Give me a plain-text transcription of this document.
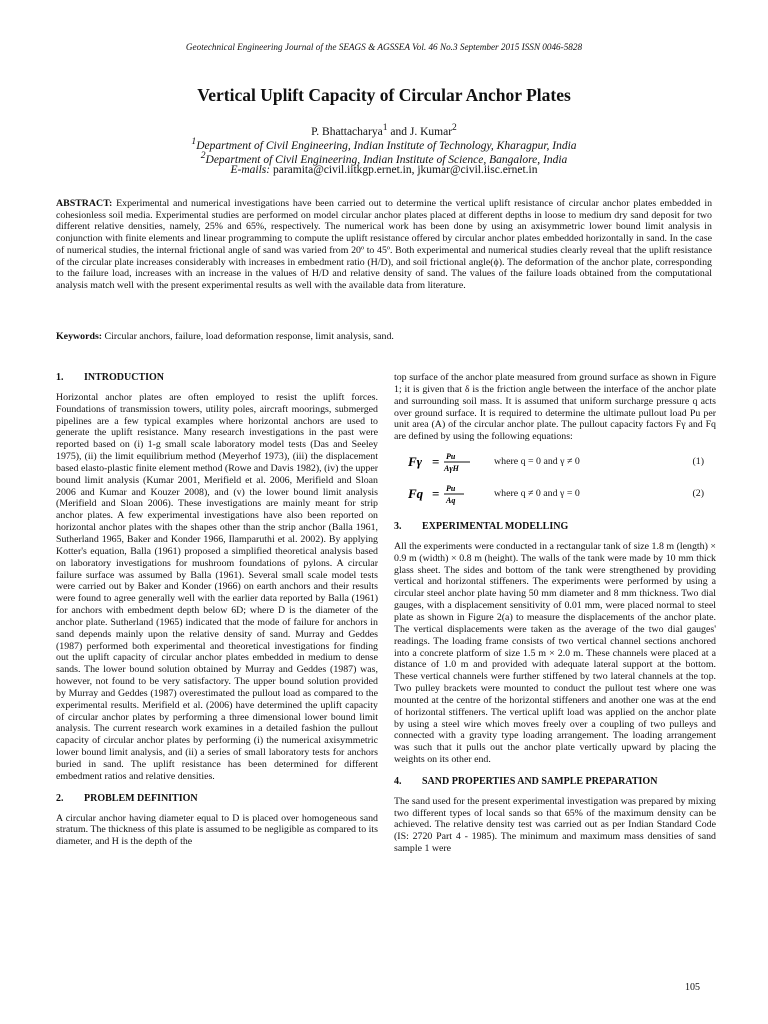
Geotechnical Engineering Journal of the SEAGS & AGSSEA Vol. 46 No.3 September 2015 ISSN 0046-5828
Vertical Uplift Capacity of Circular Anchor Plates
P. Bhattacharya$^1$ and J. Kumar$^2$
$^1$Department of Civil Engineering, Indian Institute of Technology, Kharagpur, India
$^2$Department of Civil Engineering, Indian Institute of Science, Bangalore, India
E-mails: paramita@civil.iitkgp.ernet.in, jkumar@civil.iisc.ernet.in
ABSTRACT: Experimental and numerical investigations have been carried out to determine the vertical uplift resistance of circular anchor plates embedded in cohesionless soil media. Experimental studies are performed on model circular anchor plates placed at different depths in loose to medium dry sand deposit for two different relative densities, namely, 25% and 65%, respectively. The numerical work has been done by using an axisymmetric lower bound limit analysis in conjunction with finite elements and linear programming to compute the uplift resistance offered by circular anchor plates embedded horizontally in sand. In the case of numerical studies, the internal frictional angle of sand was varied from 20º to 45º. Both experimental and numerical studies clearly reveal that the uplift resistance of the circular plate increases considerably with increases in embedment ratio (H/D), and soil frictional angle(ϕ). The deformation of the anchor plate, corresponding to the failure load, increases with an increase in the values of H/D and relative density of sand. The values of the failure loads obtained from the computational analysis match well with the present experimental results as well with the available data from literature.
Keywords: Circular anchors, failure, load deformation response, limit analysis, sand.
1. INTRODUCTION

Horizontal anchor plates are often employed to resist the uplift forces. Foundations of transmission towers, utility poles, aircraft moorings, submerged pipelines are a few typical examples where horizontal anchors are used to generate the uplift resistance. Many research investigations in the past were reported based on (i) 1-g small scale laboratory model tests (Das and Seeley 1975), (ii) the limit equilibrium method (Meyerhof 1973), (iii) the displacement based elasto-plastic finite element method (Rowe and Davis 1982), (iv) the upper bound limit analysis (Kumar 2001, Merifield et al. 2006, Merifield and Sloan 2006 and Kumar and Kouzer 2008), and (v) the lower bound limit analysis (Merifield and Sloan 2006). These investigations are mainly meant for strip anchor plates. A few experimental investigations have also been reported on horizontal anchor plates with the shapes other than the strip anchor (Balla 1961, Sutherland 1965, Baker and Konder 1966, Ilamparuthi et al. 2002). By applying Kotter's equation, Balla (1961) proposed a simplified theoretical analysis based on laboratory investigations for mushroom foundations of pylons. A circular failure surface was assumed by Balla (1961). Several small scale model tests were carried out by Baker and Konder (1966) on earth anchors and their results were found to agree generally well with the earlier data reported by Balla (1961) for anchors with embedment depth below 6D; where D is the diameter of the anchor plate. Sutherland (1965) indicated that the mode of failure for anchors in sand depends mainly upon the relative density of sand. Murray and Geddes (1987) performed both experimental and theoretical investigations for finding out the uplift capacity of circular anchor plates embedded in medium to dense sands. The lower bound solution obtained by Murray and Geddes (1987) was, however, not found to be very satisfactory. The upper bound solution provided by Murray and Geddes (1987) overestimated the pullout load as compared to the experimental results. Merifield et al. (2006) have determined the uplift capacity of circular anchor plates by performing a three dimensional lower bound limit analysis. The current research work examines in a detailed fashion the pullout capacity of circular anchor plates by performing (i) the numerical axisymmetric lower bound limit analysis, and (ii) a series of small laboratory tests for anchors buried in sand. The uplift resistance has been determined for different embedment ratios and relative densities.

2. PROBLEM DEFINITION

A circular anchor having diameter equal to D is placed over homogeneous sand stratum. The thickness of this plate is assumed to be negligible as compared to its diameter, and H is the depth of the

top surface of the anchor plate measured from ground surface as shown in Figure 1; it is given that δ is the friction angle between the interface of the anchor plate and surrounding soil mass. It is assumed that uniform surcharge pressure q acts over ground surface. It is required to determine the ultimate pullout load Pu per unit area (A) of the circular anchor plate. The pullout capacity factors Fγ and Fq are defined by using the following equations:

Fγ = Pu
AγH
where q = 0 and γ ≠ 0	(1)
Fq = Pu
Aq
where q ≠ 0 and γ = 0	(2)
3. EXPERIMENTAL MODELLING

All the experiments were conducted in a rectangular tank of size 1.8 m (length) × 0.9 m (width) × 0.8 m (height). The walls of the tank were made by 10 mm thick glass sheet. The sides and bottom of the tank were strengthened by providing vertical and horizontal stiffeners. The experiments were performed by using a circular steel anchor plate having 50 mm diameter and 8 mm thickness. Two dial gauges, with a displacement sensitivity of 0.01 mm, were placed normal to steel plate as shown in Figure 2(a) to measure the displacements of the anchor plate. The vertical displacements were taken as the average of the two dial gauges' readings. The loading frame consists of two vertical channel sections anchored into a concrete platform of size 1.5 m × 2.0 m. These channels were placed at a distance of 1.0 m and provided with adequate lateral support at the bottom. These vertical channels were further stiffened by two lateral channels at the top. Two pulley brackets were mounted to conduct the pullout test where one was mounted at the centre of the horizontal stiffeners and another one was at the end of horizontal stiffeners. The vertical uplift load was applied on the anchor plate by using a steel wire which moves freely over a coupling of two pulleys and connected with a gravity type loading arrangement. The loading arrangement was such that it pulls out the anchor plate vertically upward by placing the weights on its other end.

4. SAND PROPERTIES AND SAMPLE PREPARATION

The sand used for the present experimental investigation was prepared by mixing two different types of local sands so that 65% of the maximum density can be achieved. The relative density test was carried out as per Indian Standard Code (IS: 2720 Part 4 - 1985). The minimum and maximum mass densities of sand sample 1 were

105
